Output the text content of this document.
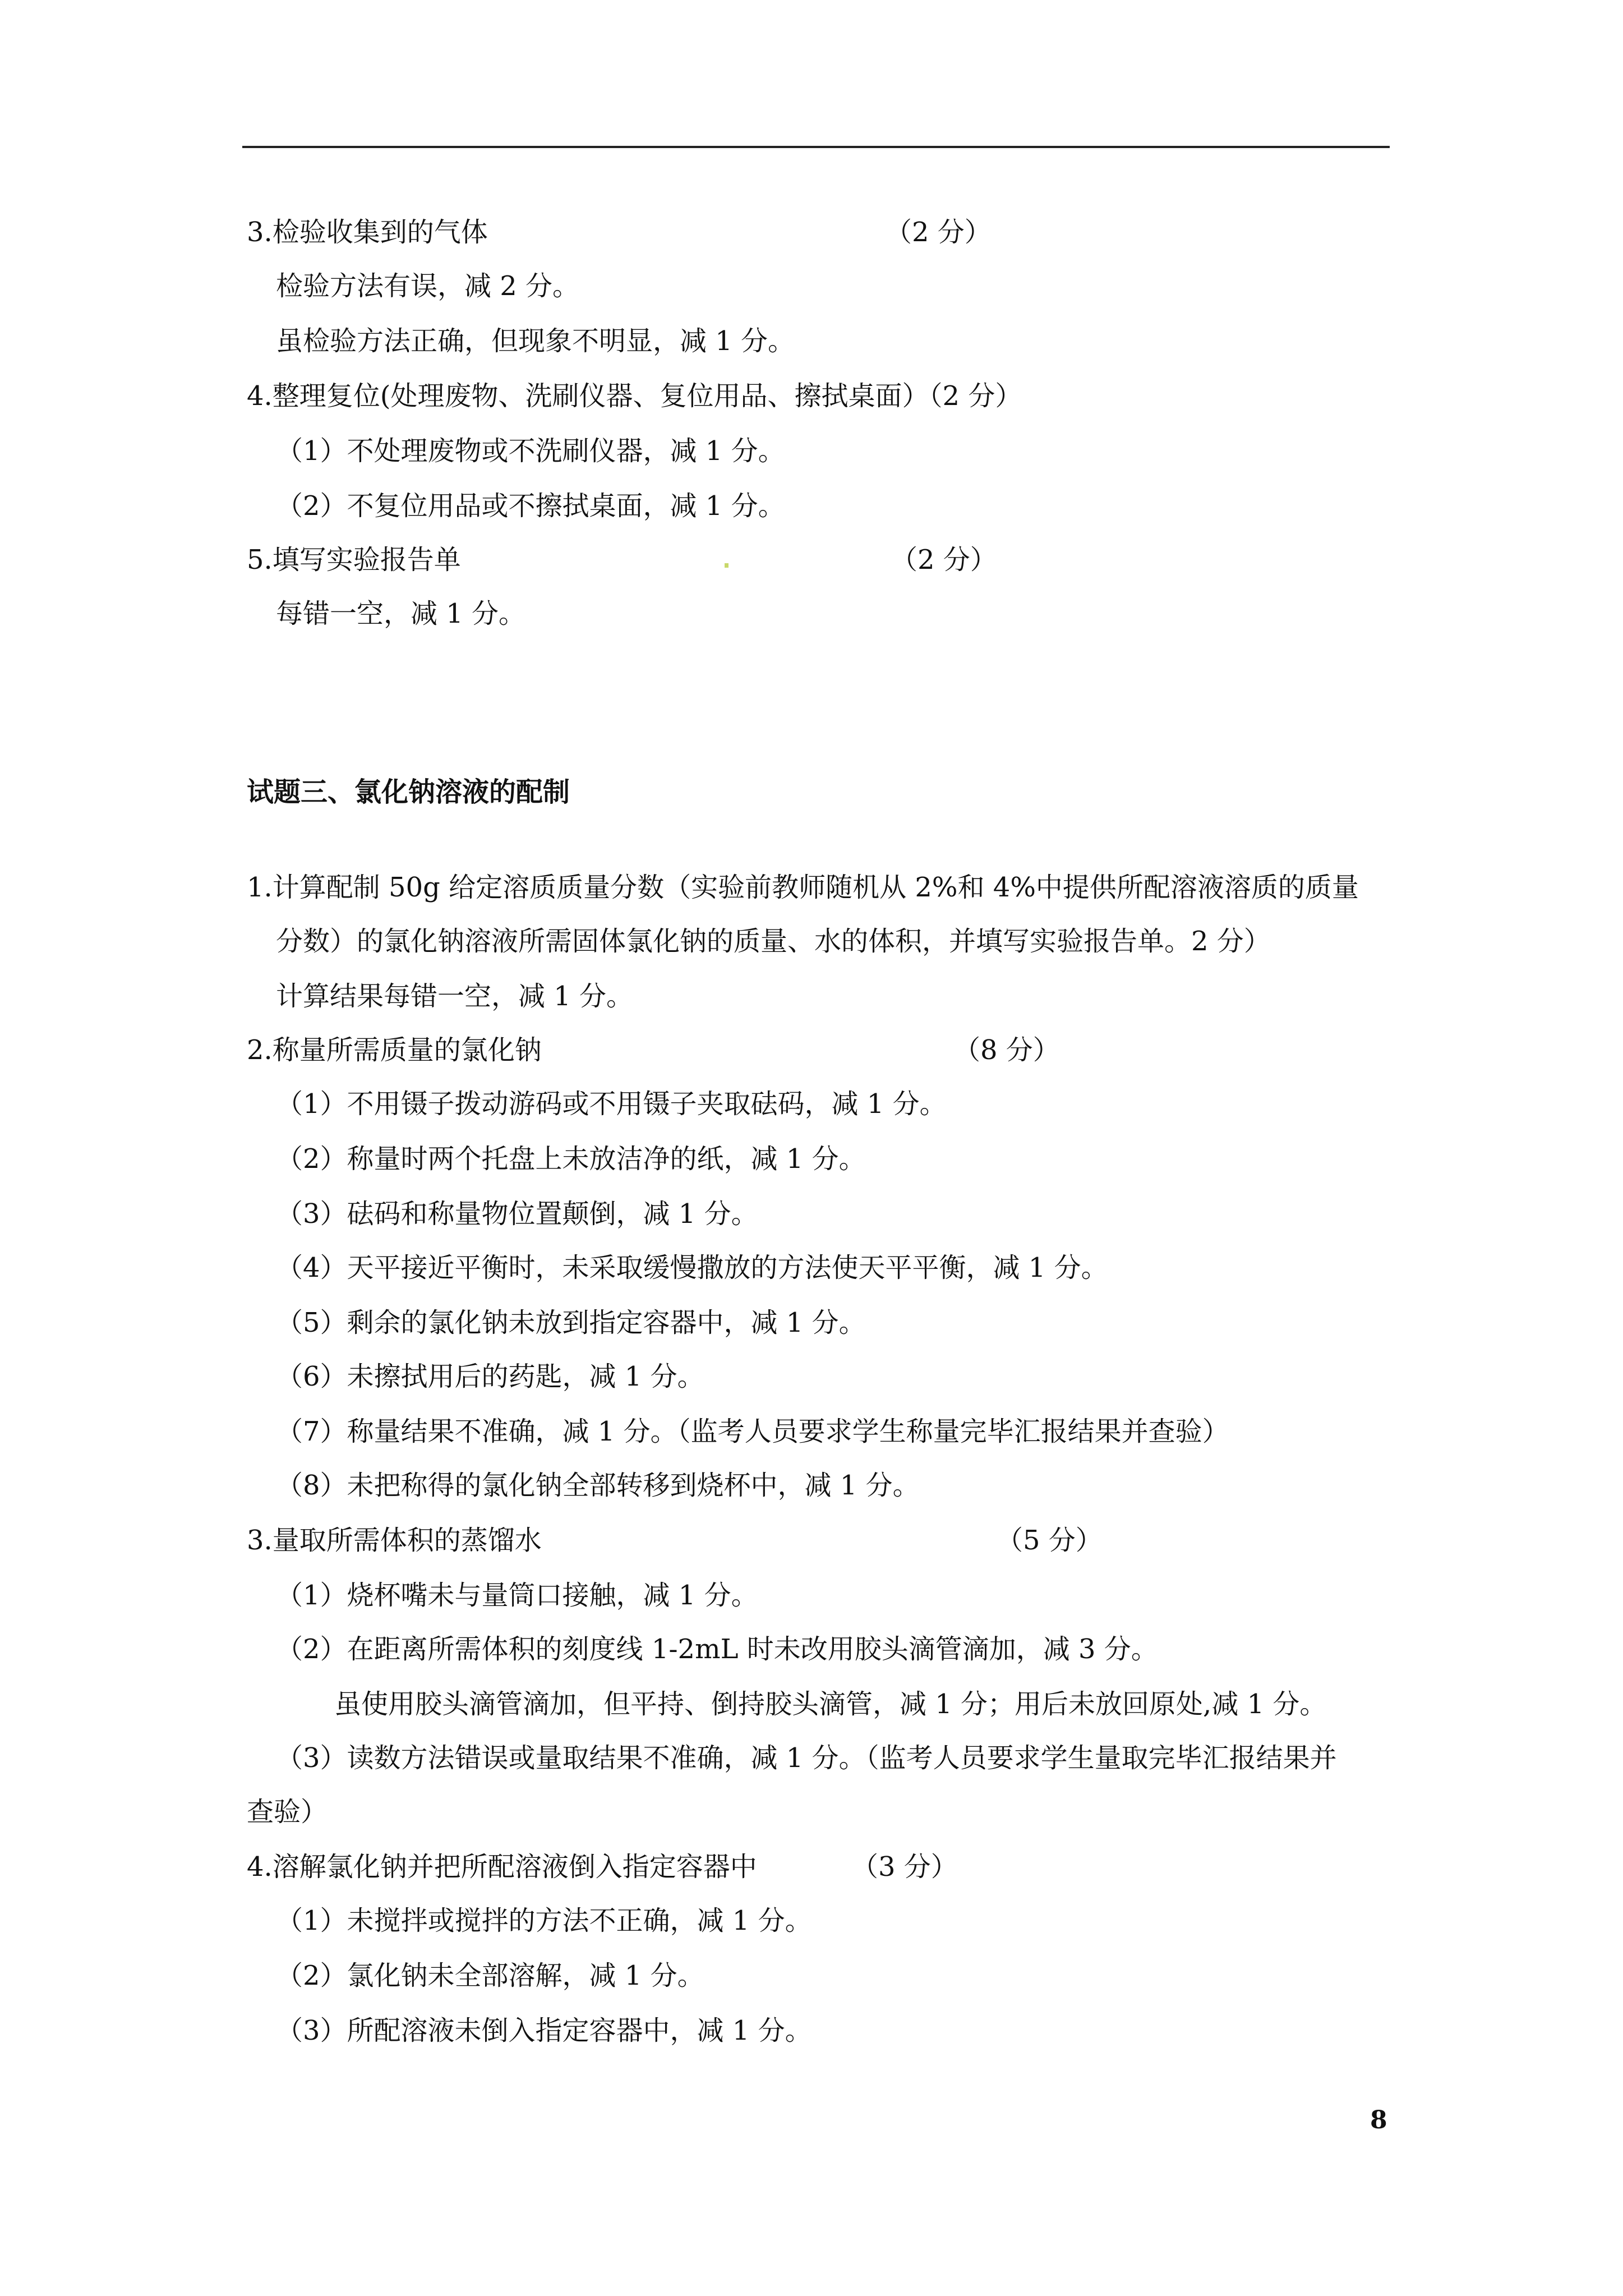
3.检验收集到的气体	（2 分）
检验方法有误，减 2 分。
虽检验方法正确，但现象不明显，减 1 分。
4.整理复位(处理废物、洗刷仪器、复位用品、擦拭桌面）（2 分）
（1）不处理废物或不洗刷仪器，减 1 分。
（2）不复位用品或不擦拭桌面，减 1 分。
5.填写实验报告单	（2 分）
每错一空，减 1 分。
试题三、氯化钠溶液的配制
1.计算配制 50g 给定溶质质量分数（实验前教师随机从 2%和 4%中提供所配溶液溶质的质量
分数）的氯化钠溶液所需固体氯化钠的质量、水的体积，并填写实验报告单。2 分）
计算结果每错一空，减 1 分。
2.称量所需质量的氯化钠	（8 分）
（1）不用镊子拨动游码或不用镊子夹取砝码，减 1 分。
（2）称量时两个托盘上未放洁净的纸，减 1 分。
（3）砝码和称量物位置颠倒，减 1 分。
（4）天平接近平衡时，未采取缓慢撒放的方法使天平平衡，减 1 分。
（5）剩余的氯化钠未放到指定容器中，减 1 分。
（6）未擦拭用后的药匙，减 1 分。
（7）称量结果不准确，减 1 分。（监考人员要求学生称量完毕汇报结果并查验）
（8）未把称得的氯化钠全部转移到烧杯中，减 1 分。
3.量取所需体积的蒸馏水	（5 分）
（1）烧杯嘴未与量筒口接触，减 1 分。
（2）在距离所需体积的刻度线 1-2mL 时未改用胶头滴管滴加，减 3 分。
虽使用胶头滴管滴加，但平持、倒持胶头滴管，减 1 分；用后未放回原处,减 1 分。
（3）读数方法错误或量取结果不准确，减 1 分。（监考人员要求学生量取完毕汇报结果并
查验）
4.溶解氯化钠并把所配溶液倒入指定容器中	（3 分）
（1）未搅拌或搅拌的方法不正确，减 1 分。
（2）氯化钠未全部溶解，减 1 分。
（3）所配溶液未倒入指定容器中，减 1 分。
8
